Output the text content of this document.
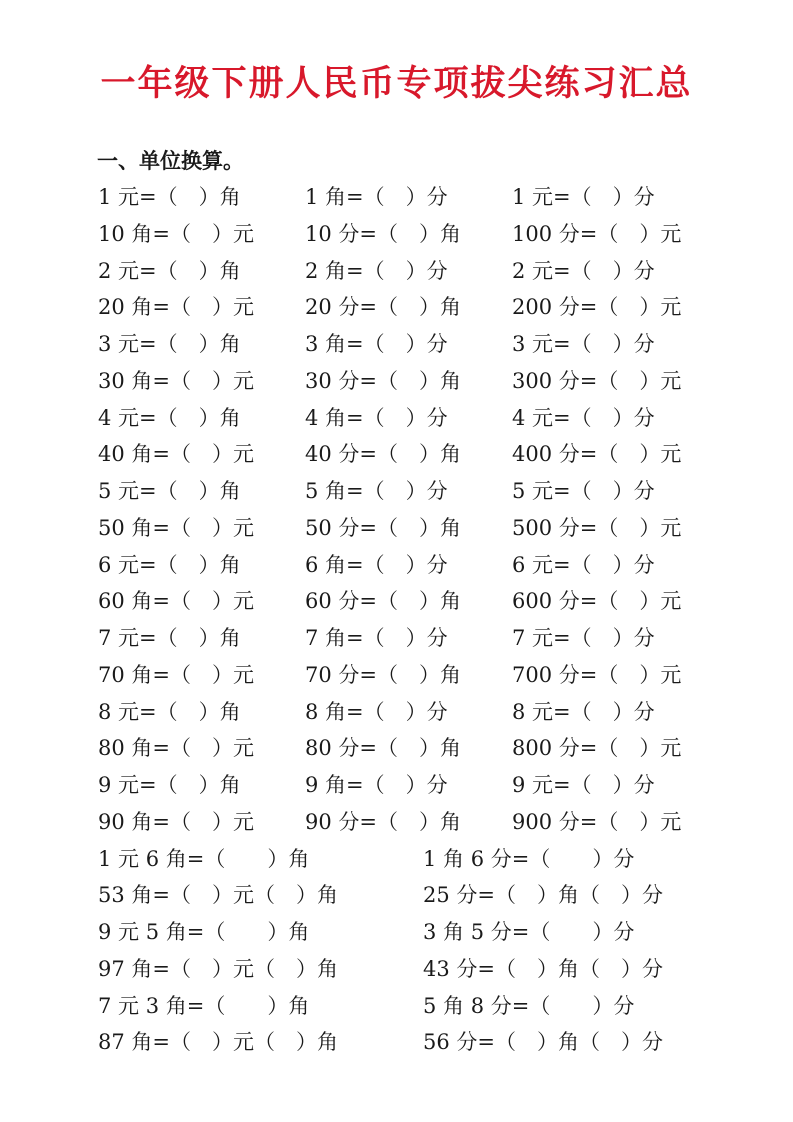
一年级下册人民币专项拔尖练习汇总
一、单位换算。
1 元=（　）角	1 角=（　）分	1 元=（　）分
10 角=（　）元 10 分=（　）角 100 分=（　）元
2 元=（　）角	2 角=（　）分	2 元=（　）分
20 角=（　）元 20 分=（　）角 200 分=（　）元
3 元=（　）角	3 角=（　）分	3 元=（　）分
30 角=（　）元 30 分=（　）角 300 分=（　）元
4 元=（　）角	4 角=（　）分	4 元=（　）分
40 角=（　）元 40 分=（　）角 400 分=（　）元
5 元=（　）角	5 角=（　）分	5 元=（　）分
50 角=（　）元 50 分=（　）角 500 分=（　）元
6 元=（　）角	6 角=（　）分	6 元=（　）分
60 角=（　）元 60 分=（　）角 600 分=（　）元
7 元=（　）角	7 角=（　）分	7 元=（　）分
70 角=（　）元 70 分=（　）角 700 分=（　）元
8 元=（　）角	8 角=（　）分	8 元=（　）分
80 角=（　）元 80 分=（　）角 800 分=（　）元
9 元=（　）角	9 角=（　）分	9 元=（　）分
90 角=（　）元 90 分=（　）角 900 分=（　）元
1 元 6 角=（　　）角	1 角 6 分=（　　）分
53 角=（　）元（　）角	25 分=（　）角（　）分
9 元 5 角=（　　）角	3 角 5 分=（　　）分
97 角=（　）元（　）角	43 分=（　）角（　）分
7 元 3 角=（　　）角	5 角 8 分=（　　）分
87 角=（　）元（　）角	56 分=（　）角（　）分
